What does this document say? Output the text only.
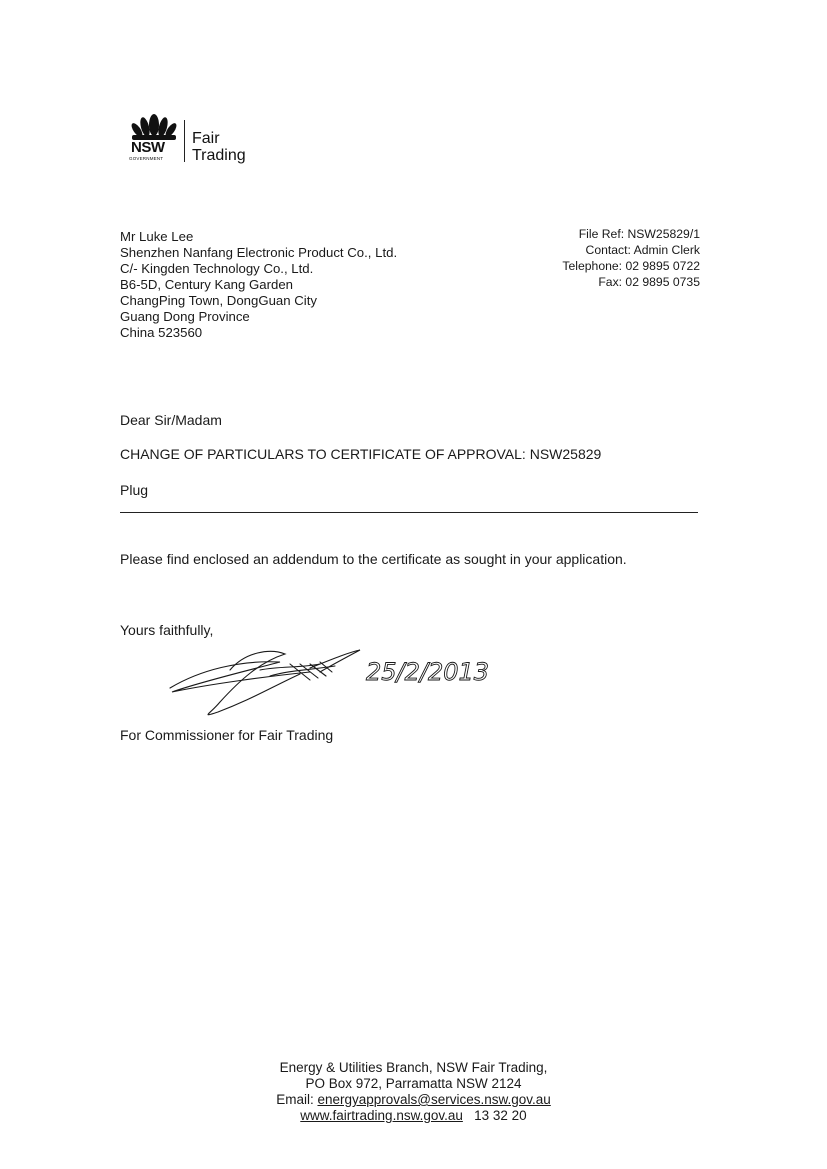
NSW
GOVERNMENT
Fair
Trading
Mr Luke Lee
Shenzhen Nanfang Electronic Product Co., Ltd.
C/- Kingden Technology Co., Ltd.
B6-5D, Century Kang Garden
ChangPing Town, DongGuan City
Guang Dong Province
China 523560
File Ref: NSW25829/1
Contact: Admin Clerk
Telephone: 02 9895 0722
Fax: 02 9895 0735
Dear Sir/Madam
CHANGE OF PARTICULARS TO CERTIFICATE OF APPROVAL: NSW25829
Plug
Please find enclosed an addendum to the certificate as sought in your application.
Yours faithfully,
25/2/2013
For Commissioner for Fair Trading
Energy & Utilities Branch, NSW Fair Trading,
PO Box 972, Parramatta NSW 2124
Email: energyapprovals@services.nsw.gov.au
www.fairtrading.nsw.gov.au 13 32 20
